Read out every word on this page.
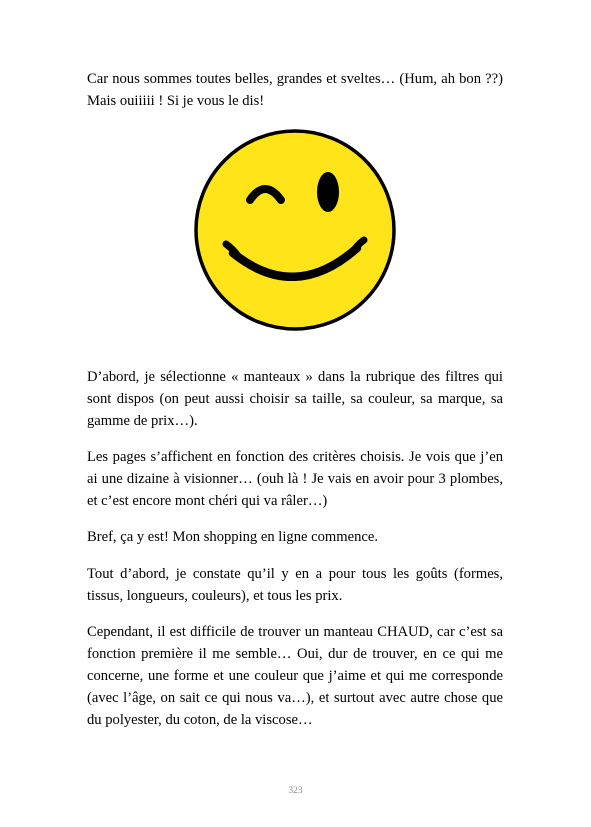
Car nous sommes toutes belles, grandes et sveltes… (Hum, ah bon ??) Mais ouiiiii ! Si je vous le dis!

D’abord, je sélectionne « manteaux » dans la rubrique des filtres qui sont dispos (on peut aussi choisir sa taille, sa couleur, sa marque, sa gamme de prix…).

Les pages s’affichent en fonction des critères choisis. Je vois que j’en ai une dizaine à visionner… (ouh là ! Je vais en avoir pour 3 plombes, et c’est encore mont chéri qui va râler…)

Bref, ça y est! Mon shopping en ligne commence.

Tout d’abord, je constate qu’il y en a pour tous les goûts (formes, tissus, longueurs, couleurs), et tous les prix.

Cependant, il est difficile de trouver un manteau CHAUD, car c’est sa fonction première il me semble… Oui, dur de trouver, en ce qui me concerne, une forme et une couleur que j’aime et qui me corresponde (avec l’âge, on sait ce qui nous va…), et surtout avec autre chose que du polyester, du coton, de la viscose…

323
